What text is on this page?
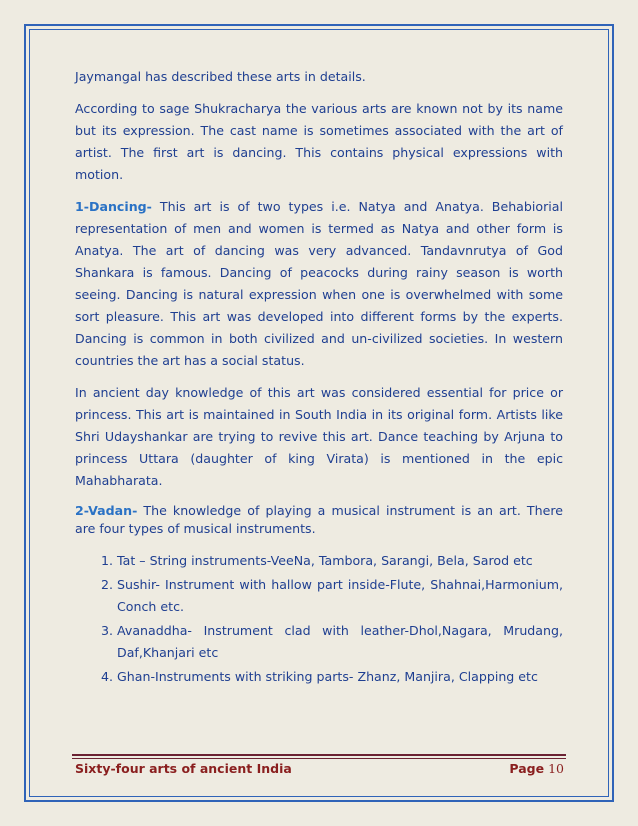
Jaymangal has described these arts in details.

According to sage Shukracharya the various arts are known not by its name but its expression. The cast name is sometimes associated with the art of artist. The first art is dancing. This contains physical expressions with motion.

1-Dancing- This art is of two types i.e. Natya and Anatya. Behabiorial representation of men and women is termed as Natya and other form is Anatya. The art of dancing was very advanced. Tandavnrutya of God Shankara is famous. Dancing of peacocks during rainy season is worth seeing. Dancing is natural expression when one is overwhelmed with some sort pleasure. This art was developed into different forms by the experts. Dancing is common in both civilized and un-civilized societies. In western countries the art has a social status.

In ancient day knowledge of this art was considered essential for price or princess. This art is maintained in South India in its original form. Artists like Shri Udayshankar are trying to revive this art. Dance teaching by Arjuna to princess Uttara (daughter of king Virata) is mentioned in the epic Mahabharata.

2-Vadan- The knowledge of playing a musical instrument is an art. There are four types of musical instruments.

1. Tat – String instruments-VeeNa, Tambora, Sarangi, Bela, Sarod etc
2. Sushir- Instrument with hallow part inside-Flute, Shahnai,Harmonium, Conch etc.
3. Avanaddha- Instrument clad with leather-Dhol,Nagara, Mrudang, Daf,Khanjari etc
4. Ghan-Instruments with striking parts- Zhanz, Manjira, Clapping etc
Sixty-four arts of ancient India	Page 10
